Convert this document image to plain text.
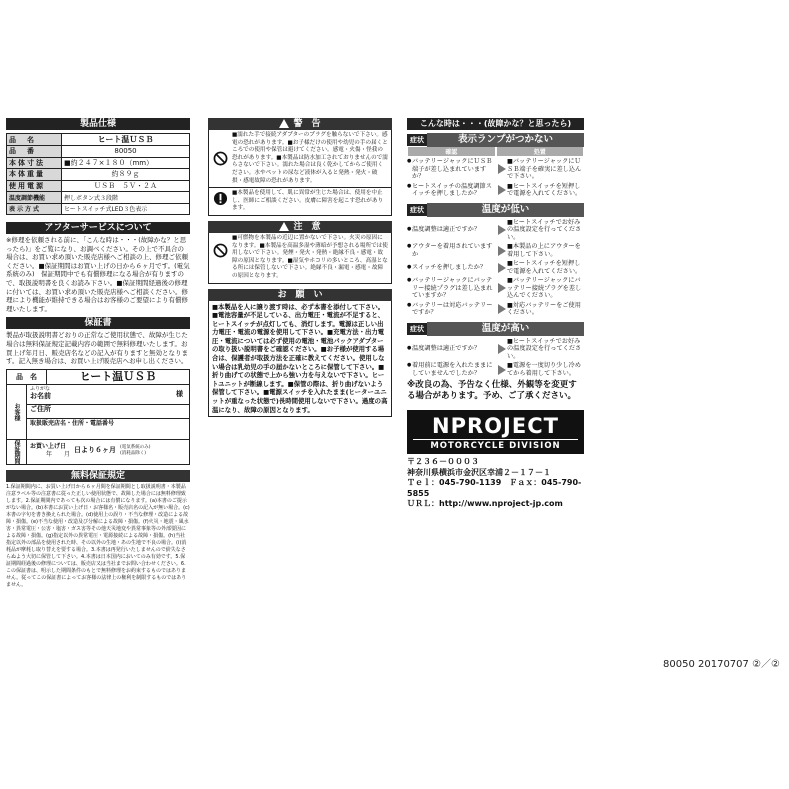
製品仕様
品　名	ヒート温ＵＳＢ
品　番	80050
本体寸法	■約２４７×１８０（mm）
本体重量	約８９ｇ
使用電源	ＵＳＢ　５Ｖ・２Ａ
温度調節機能	押しボタン式３段階
表示方式	ヒートスイッチ式LED３色表示
アフターサービスについて
※修理を依頼される前に、「こんな時は・・・(故障かな？と思ったら)」をご覧になり、お調べください。その上で不具合の場合は、お買い求め頂いた販売店様へご相談の上、修理ご依頼ください。■保証期間はお買い上げの日から６ヶ月です。(電気系統のみ)　保証期間中でも有償修理になる場合が有りますので、取扱説明書を良くお読み下さい。■保証期間経過後の修理に付いては、お買い求め頂いた販売店様へご相談ください。修理により機能が維持できる場合はお客様のご要望により有償修理いたします。
保証書
製品が取扱説明書どおりの正常なご使用状態で、故障が生じた場合は無料保証規定記載内容の範囲で無料修理いたします。お買上げ年月日、販売店名などの記入が有りますと無効となります。記入無き場合は、お買い上げ販売店へお申し出ください。
品　名	ヒート温ＵＳＢ
お客様
ふりがな
お名前	様
ご住所
取扱販売店名・住所・電話番号
保証期間	お買い上げ日
年 月
日より６ヶ月 (電気系統のみ)(消耗品除く)
無料保証規定
1.保証期間内に、お買い上げ日から６ヶ月間を保証期間とし取扱説明書・本製品注意ラベル等の注意書に従った正しい使用状態で、故障した場合には無料修理致します。2.保証期間内であっても次の場合には有償になります。(a)本書のご提示がない場合。(b)本書にお買い上げ日・お客様名・販売店名の記入が無い場合。(c)本書の字句を書き換えられた場合。(d)使用上の誤り・不当な修理・改造による故障・損傷。(e)不当な使用・改造及び分解による故障・損傷。(f)火災・地震・風水害・異常電圧・公害・塩害・ガス害等その他天災地変や異常事象等の外部要因による故障・損傷。(g)指定以外の異常電圧・電源接続による故障・損傷。(h)当社指定以外の部品を使用された時、その以外の生地・あの生地で不良の場合。(i)消耗品が摩耗し取り替えを要する場合。3.本書は再発行いたしませんので紛失なさらぬよう大切に保管して下さい。4.本書は日本国内においてのみ有効です。5.保証期間経過後の修理については、販売店又は当社までお問い合わせください。6.この保証書は、明示した期間条件のもとで無料修理をお約束するものではありません。従ってこの保証書によってお客様の法律上の権利を制限するものではありません。
警　告
■濡れた手で接続アダプターのプラグを触らないで下さい。感電の恐れがあります。■お子様だけの使用や幼児の手の届くところでの使用や保管は避けてください。感電・火傷・怪我の恐れがあります。■本製品は防水加工されておりませんので濡らさないで下さい。濡れた場合は良く乾かしてからご使用ください。水やペットの尿など液体が入ると発熱・発火・破損・感電故障の恐れがあります。
■本製品を使用して、肌に異常が生じた場合は、使用を中止し、医師にご相談ください。皮膚に障害を起こす恐れがあります。
注　意
■可燃物を本製品の近辺に置かないで下さい。火災の原因になります。■本製品を高温多湿や薄暗が予想される場所では使用しないで下さい。発煙・発火・発熱・絶縁不良・感電・故障の原因となります。■湿気やホコリの多いところ、高湿となる所には保管しないで下さい。絶縁不良・漏電・感電・故障の原因となります。
お　願　い
■本製品を人に譲り渡す時は、必ず本書を添付して下さい。■電池容量が不足している、出力電圧・電流が不足すると、ヒートスイッチが点灯しても、消灯します。電源は正しい出力電圧・電流の電源を使用して下さい。■充電方法・出力電圧・電流については必ず使用の電池・電池パックアダプターの取り扱い説明書をご確認ください。■お子様が使用する場合は、保護者が取扱方法を正確に教えてください。使用しない場合は乳幼児の手の届かないところに保管して下さい。■折り曲げての状態で上から強い力を与えないで下さい。ヒートユニットが断線します。■保管の際は、折り曲げないよう保管して下さい。■電源スイッチを入れたまま(ヒーターユニットが重なった状態で)長時間使用しないで下さい。過度の高温になり、故障の原因となります。
こんな時は・・・(故障かな？と思ったら)
症状	表示ランプがつかない
確認	処置
● バッテリージャックにＵＳＢ端子が差し込まれていますか？
■バッテリージャックにＵＳＢ端子を確実に差し込んで下さい。
● ヒートスイッチの温度調節スイッチを押しましたか？
■ヒートスイッチを短押しで電源を入れてください。
症状	温度が低い
● 温度調整は適正ですか？
■ヒートスイッチでお好みの温度設定を行ってください。
● アウターを着用されていますか
■本製品の上にアウターを着用して下さい。
● スイッチを押しましたか？
■ヒートスイッチを短押しで電源を入れてください。
● バッテリージャックにバッテリー接続プラグは差し込まれていますか？
■バッテリージャックにバッテリー接続プラグを差し込んでください。
● バッテリーは対応バッテリーですか？
■対応バッテリーをご使用ください。
症状	温度が高い
● 温度調整は適正ですか？
■ヒートスイッチでお好みの温度設定を行ってください。
● 着用前に電源を入れたままにしていませんでしたか？
■電源を一度切り少し冷めてから着用して下さい。
※改良の為、予告なく仕様、外観等を変更する場合があります。予め、ご了承ください。
NPROJECT
MOTORCYCLE DIVISION
〒２３６－０００３
神奈川県横浜市金沢区幸浦２－１７－１
Ｔｅｌ：045-790-1139　Ｆａｘ：045-790-5855
ＵＲＬ：http://www.nproject-jp.com
80050 20170707 ②／②
